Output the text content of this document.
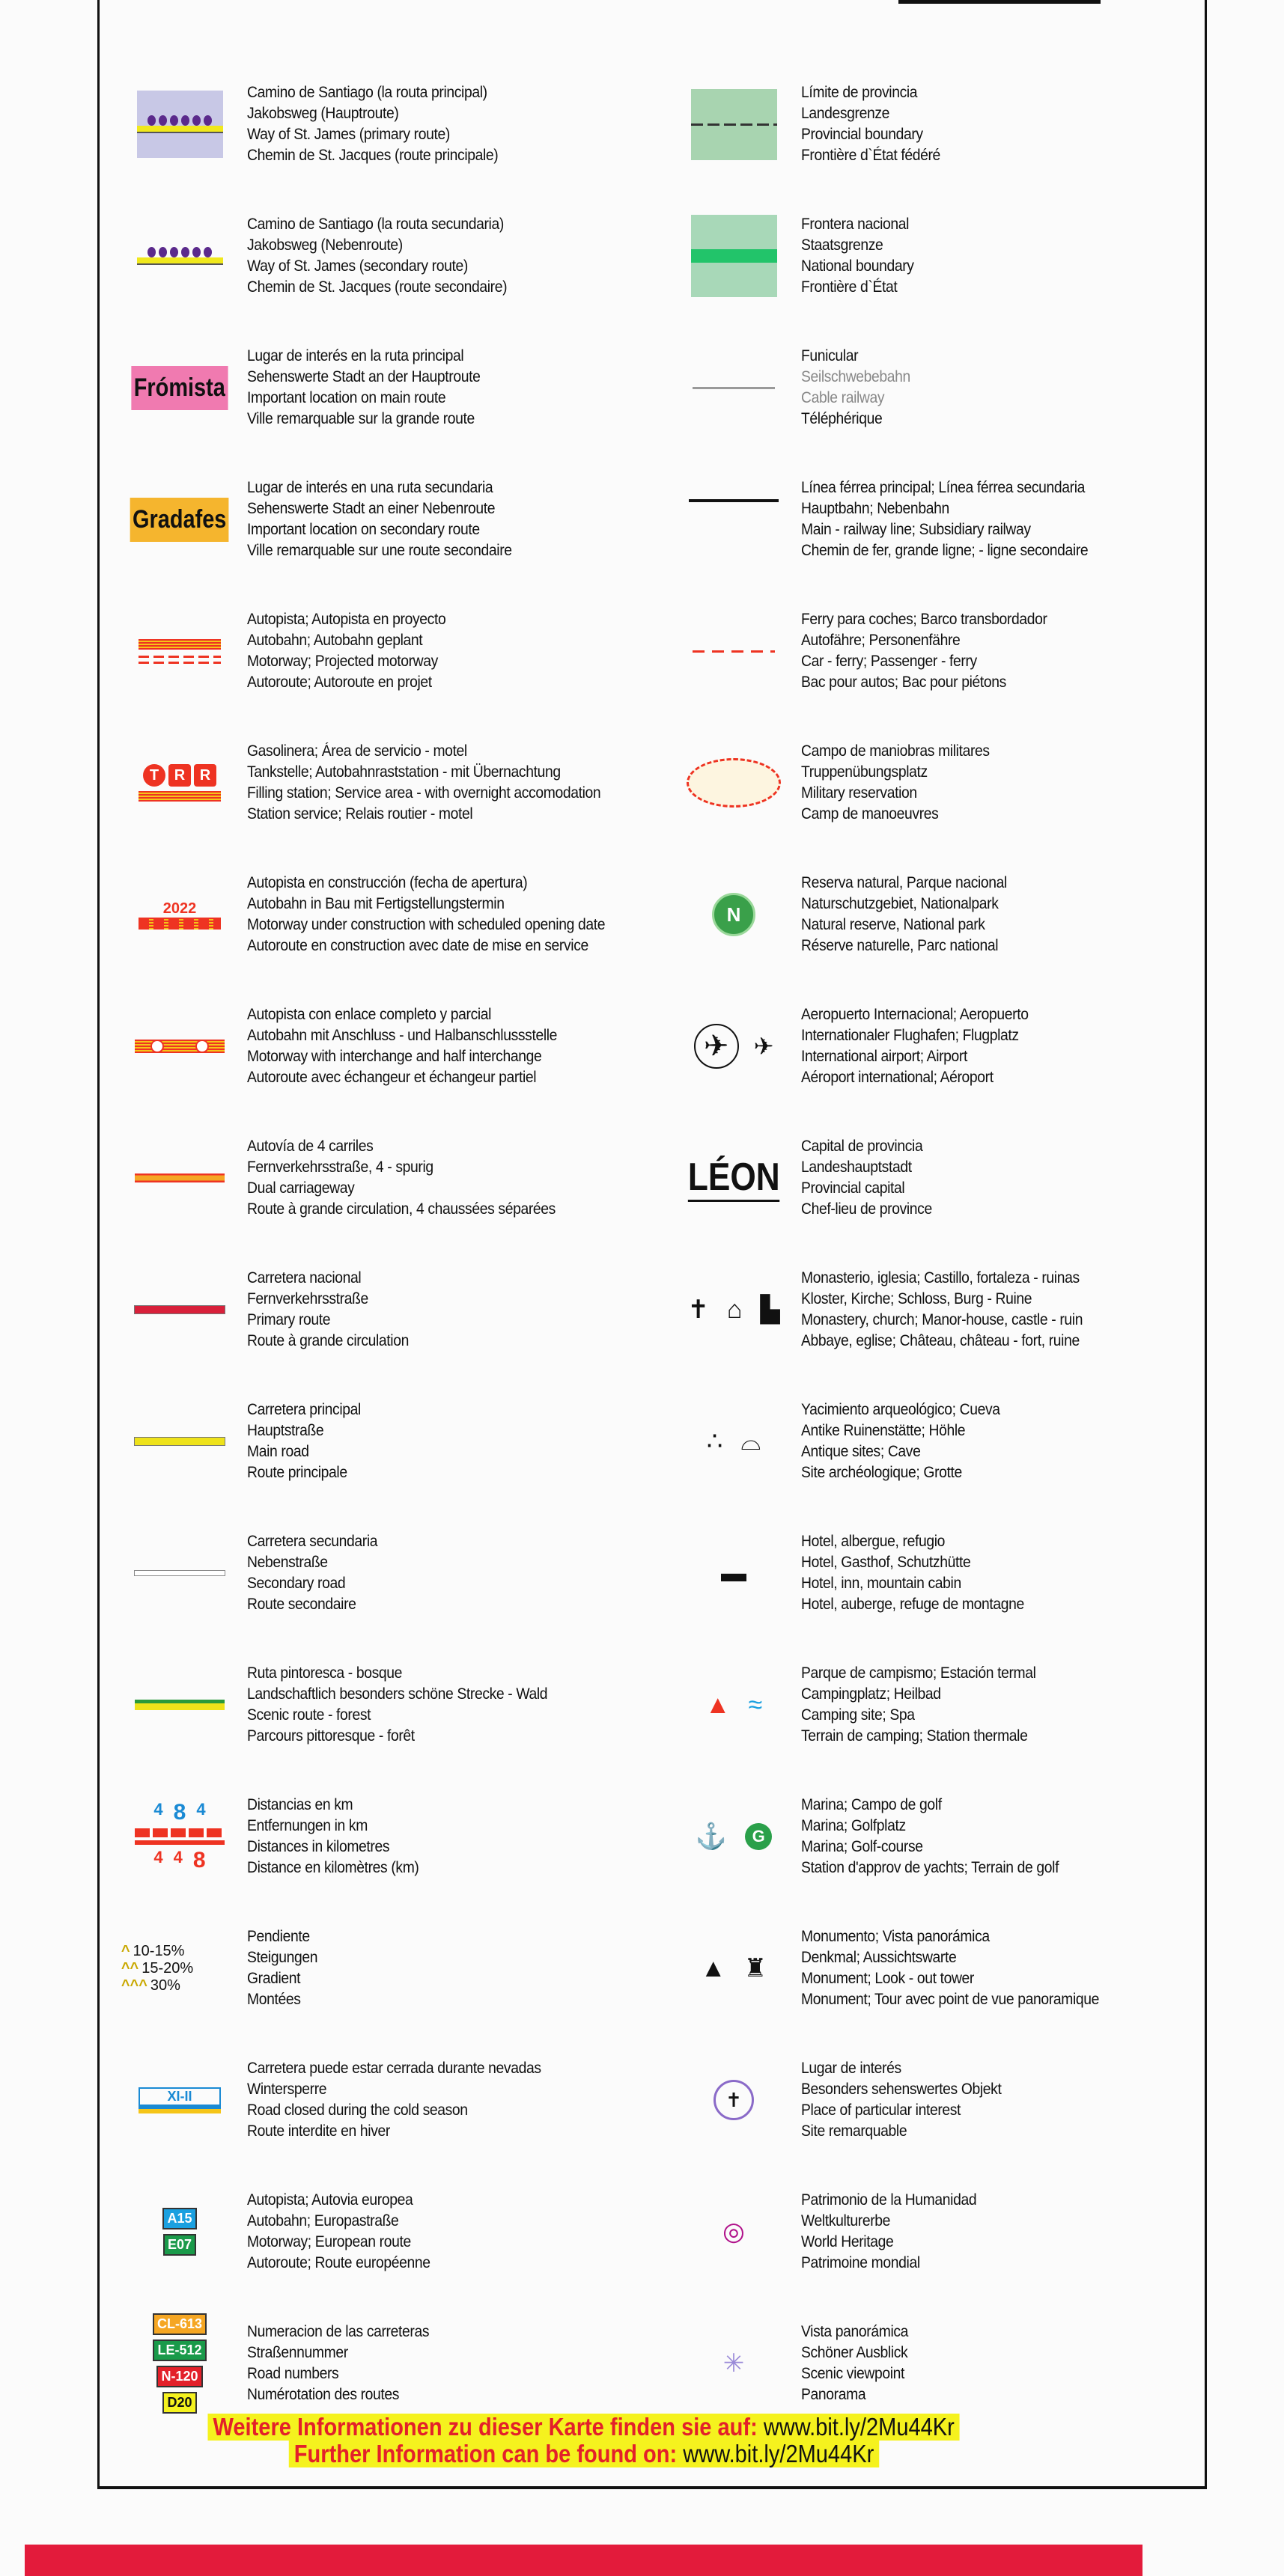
Camino de Santiago (la routa principal)
Jakobsweg (Hauptroute)
Way of St. James (primary route)
Chemin de St. Jacques (route principale)
Camino de Santiago (la routa secundaria)
Jakobsweg (Nebenroute)
Way of St. James (secondary route)
Chemin de St. Jacques (route secondaire)
Frómista
Lugar de interés en la ruta principal
Sehenswerte Stadt an der Hauptroute
Important location on main route
Ville remarquable sur la grande route
Gradafes
Lugar de interés en una ruta secundaria
Sehenswerte Stadt an einer Nebenroute
Important location on secondary route
Ville remarquable sur une route secondaire
Autopista; Autopista en proyecto
Autobahn; Autobahn geplant
Motorway; Projected motorway
Autoroute; Autoroute en projet
T	R R
Gasolinera; Área de servicio - motel
Tankstelle; Autobahnraststation - mit Übernachtung
Filling station; Service area - with overnight accomodation
Station service; Relais routier - motel
2022
Autopista en construcción (fecha de apertura)
Autobahn in Bau mit Fertigstellungstermin
Motorway under construction with scheduled opening date
Autoroute en construction avec date de mise en service
Autopista con enlace completo y parcial
Autobahn mit Anschluss - und Halbanschlussstelle
Motorway with interchange and half interchange
Autoroute avec échangeur et échangeur partiel
Autovía de 4 carriles
Fernverkehrsstraße, 4 - spurig
Dual carriageway
Route à grande circulation, 4 chaussées séparées
Carretera nacional
Fernverkehrsstraße
Primary route
Route à grande circulation
Carretera principal
Hauptstraße
Main road
Route principale
Carretera secundaria
Nebenstraße
Secondary road
Route secondaire
Ruta pintoresca - bosque
Landschaftlich besonders schöne Strecke - Wald
Scenic route - forest
Parcours pittoresque - forêt
4 8 4
4 4 8
Distancias en km
Entfernungen in km
Distances in kilometres
Distance en kilomètres (km)
^ 10-15%
^^ 15-20%
^^^ 30%
Pendiente
Steigungen
Gradient
Montées
XI-II
Carretera puede estar cerrada durante nevadas
Wintersperre
Road closed during the cold season
Route interdite en hiver
A15
E07
Autopista; Autovia europea
Autobahn; Europastraße
Motorway; European route
Autoroute; Route européenne
CL-613
LE-512
N-120
D20
Numeracion de las carreteras
Straßennummer
Road numbers
Numérotation des routes
Límite de provincia
Landesgrenze
Provincial boundary
Frontière d`État fédéré
Frontera nacional
Staatsgrenze
National boundary
Frontière d`État
Funicular
Seilschwebebahn
Cable railway
Téléphérique
Línea férrea principal; Línea férrea secundaria
Hauptbahn; Nebenbahn
Main - railway line; Subsidiary railway
Chemin de fer, grande ligne; - ligne secondaire
Ferry para coches; Barco transbordador
Autofähre; Personenfähre
Car - ferry; Passenger - ferry
Bac pour autos; Bac pour piétons
Campo de maniobras militares
Truppenübungsplatz
Military reservation
Camp de manoeuvres
N
Reserva natural, Parque nacional
Naturschutzgebiet, Nationalpark
Natural reserve, National park
Réserve naturelle, Parc national
✈	✈
Aeropuerto Internacional; Aeropuerto
Internationaler Flughafen; Flugplatz
International airport; Airport
Aéroport international; Aéroport
LÉON
Capital de provincia
Landeshauptstadt
Provincial capital
Chef-lieu de province
✝ ⌂ ▙
Monasterio, iglesia; Castillo, fortaleza - ruinas
Kloster, Kirche; Schloss, Burg - Ruine
Monastery, church; Manor-house, castle - ruin
Abbaye, eglise; Château, château - fort, ruine
∴ ⌓
Yacimiento arqueológico; Cueva
Antike Ruinenstätte; Höhle
Antique sites; Cave
Site archéologique; Grotte
▬
Hotel, albergue, refugio
Hotel, Gasthof, Schutzhütte
Hotel, inn, mountain cabin
Hotel, auberge, refuge de montagne
▲ ≈
Parque de campismo; Estación termal
Campingplatz; Heilbad
Camping site; Spa
Terrain de camping; Station thermale
⚓	G
Marina; Campo de golf
Marina; Golfplatz
Marina; Golf-course
Station d'approv de yachts; Terrain de golf
▲ ♜
Monumento; Vista panorámica
Denkmal; Aussichtswarte
Monument; Look - out tower
Monument; Tour avec point de vue panoramique
✝
Lugar de interés
Besonders sehenswertes Objekt
Place of particular interest
Site remarquable
◎
Patrimonio de la Humanidad
Weltkulturerbe
World Heritage
Patrimoine mondial
✳
Vista panorámica
Schöner Ausblick
Scenic viewpoint
Panorama
Weitere Informationen zu dieser Karte finden sie auf: www.bit.ly/2Mu44Kr
Further Information can be found on: www.bit.ly/2Mu44Kr
